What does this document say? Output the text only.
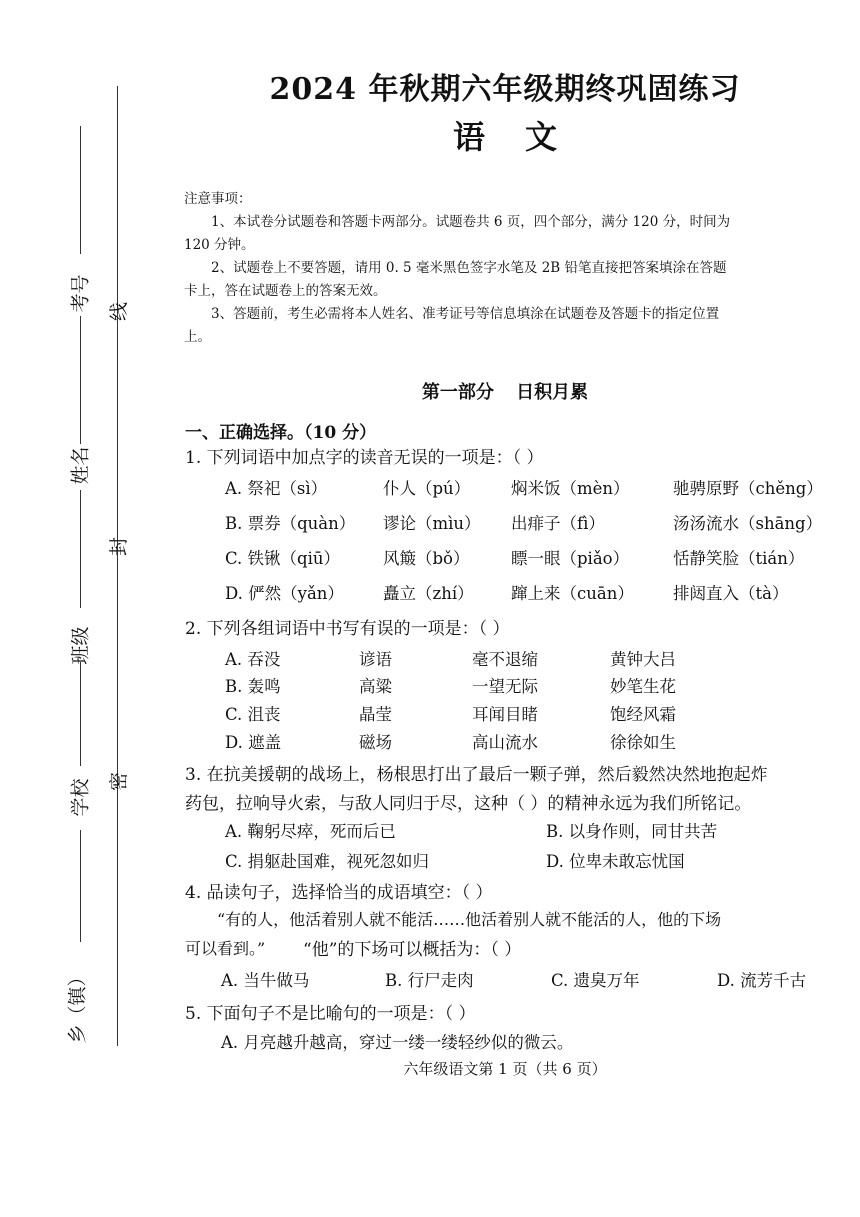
线
封
密
考号
姓名
班级
学校
乡（镇）
2024 年秋期六年级期终巩固练习
语文

注意事项：

1、本试卷分试题卷和答题卡两部分。试题卷共 6 页，四个部分，满分 120 分，时间为

120 分钟。

2、试题卷上不要答题，请用 0. 5 毫米黑色签字水笔及 2B 铅笔直接把答案填涂在答题

卡上，答在试题卷上的答案无效。

3、答题前，考生必需将本人姓名、准考证号等信息填涂在试题卷及答题卡的指定位置

上。

第一部分 日积月累
一、正确选择。（10 分）
1. 下列词语中加点字的读音无误的一项是：（ ）
A. 祭祀（sì）	仆人（pú） 焖米饭（mèn）	驰骋原野（chěng）
B. 票券（quàn） 谬论（mìu） 出痱子（fì）	汤汤流水（shāng）
C. 铁锹（qiū）	风簸（bǒ）	瞟一眼（piǎo）	恬静笑脸（tián）
D. 俨然（yǎn） 矗立（zhí） 蹿上来（cuān） 排闼直入（tà）
2. 下列各组词语中书写有误的一项是：（ ）
A. 吞没	谚语	毫不退缩	黄钟大吕
B. 轰鸣	高粱	一望无际	妙笔生花
C. 沮丧	晶莹	耳闻目睹	饱经风霜
D. 遮盖	磁场	高山流水	徐徐如生
3. 在抗美援朝的战场上，杨根思打出了最后一颗子弹，然后毅然决然地抱起炸
药包，拉响导火索，与敌人同归于尽，这种（ ）的精神永远为我们所铭记。
A. 鞠躬尽瘁，死而后已	B. 以身作则，同甘共苦
C. 捐躯赴国难，视死忽如归	D. 位卑未敢忘忧国
4. 品读句子，选择恰当的成语填空：（ ）
“有的人，他活着别人就不能活……他活着别人就不能活的人，他的下场
可以看到。” “他”的下场可以概括为：（ ）
A. 当牛做马	B. 行尸走肉	C. 遗臭万年	D. 流芳千古
5. 下面句子不是比喻句的一项是：（ ）
A. 月亮越升越高，穿过一缕一缕轻纱似的微云。
六年级语文第 1 页（共 6 页）
